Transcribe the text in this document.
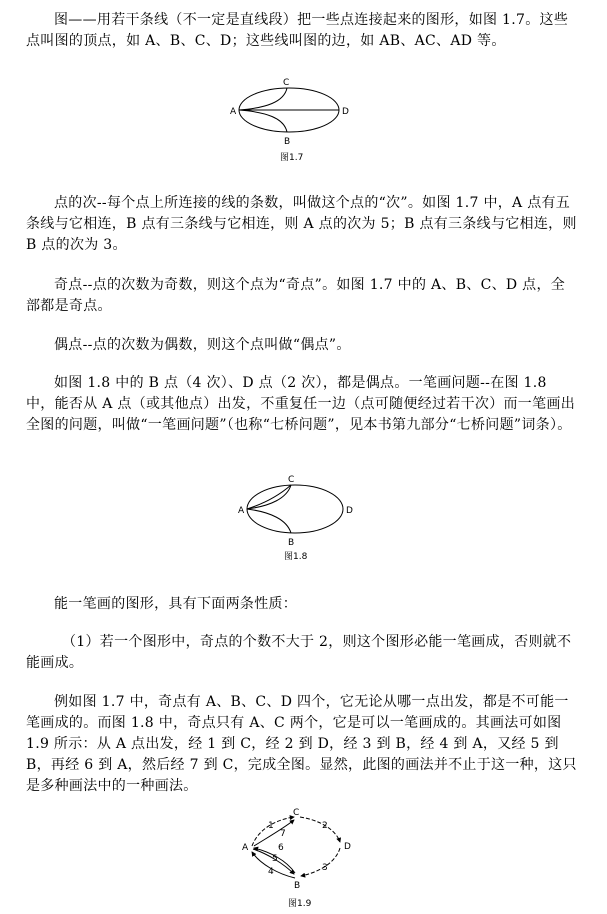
图——用若干条线（不一定是直线段）把一些点连接起来的图形，如图 1.7。这些点叫图的顶点，如 A、B、C、D；这些线叫图的边，如 AB、AC、AD 等。

C
A	D
B
图1.7

点的次--每个点上所连接的线的条数，叫做这个点的“次”。如图 1.7 中，A 点有五条线与它相连，B 点有三条线与它相连，则 A 点的次为 5；B 点有三条线与它相连，则 B 点的次为 3。

奇点--点的次数为奇数，则这个点为“奇点”。如图 1.7 中的 A、B、C、D 点，全部都是奇点。

偶点--点的次数为偶数，则这个点叫做“偶点”。

如图 1.8 中的 B 点（4 次）、D 点（2 次），都是偶点。一笔画问题--在图 1.8 中，能否从 A 点（或其他点）出发，不重复任一边（点可随便经过若干次）而一笔画出全图的问题，叫做“一笔画问题”（也称“七桥问题”，见本书第九部分“七桥问题”词条）。

C
A	D
B
图1.8

能一笔画的图形，具有下面两条性质：

（1）若一个图形中，奇点的个数不大于 2，则这个图形必能一笔画成，否则就不能画成。

例如图 1.7 中，奇点有 A、B、C、D 四个，它无论从哪一点出发，都是不可能一笔画成的。而图 1.8 中，奇点只有 A、C 两个，它是可以一笔画成的。其画法可如图 1.9 所示：从 A 点出发，经 1 到 C，经 2 到 D，经 3 到 B，经 4 到 A，又经 5 到 B，再经 6 到 A，然后经 7 到 C，完成全图。显然，此图的画法并不止于这一种，这只是多种画法中的一种画法。

C
A	D
B
1	2
3
4
5
6
7
图1.9
